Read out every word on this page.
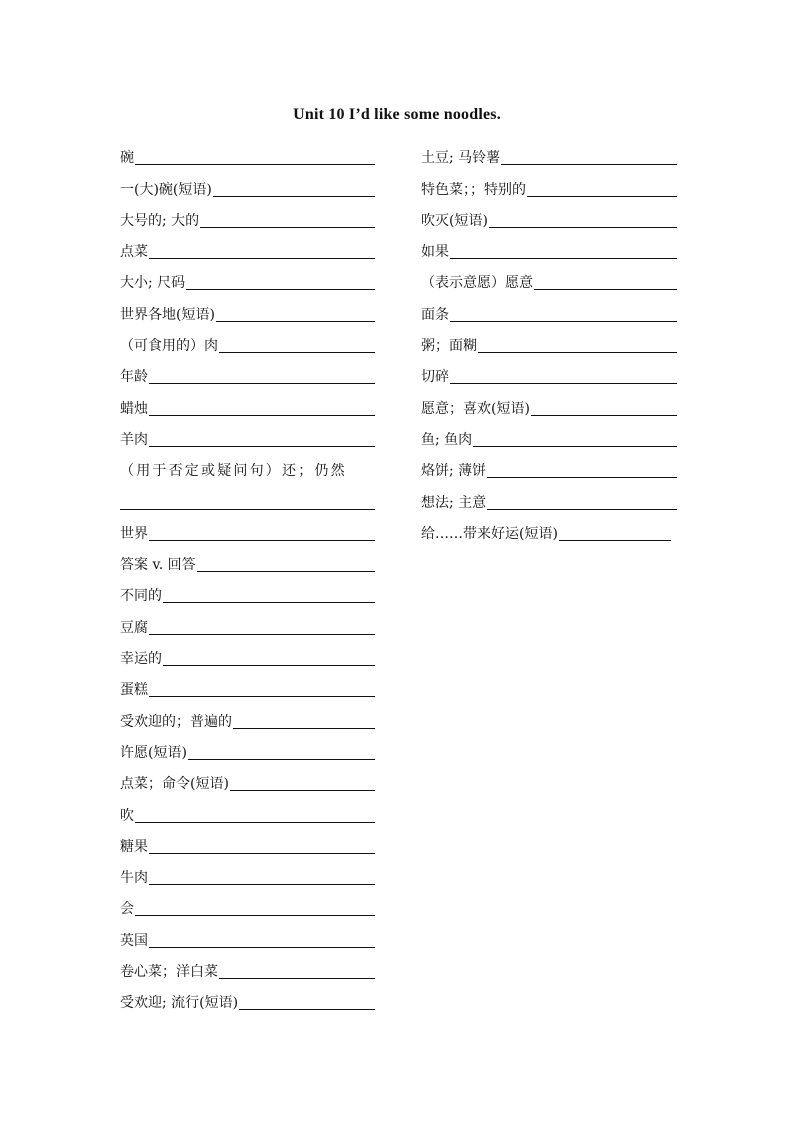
Unit 10 I’d like some noodles.
碗
一(大)碗(短语)
大号的; 大的
点菜
大小; 尺码
世界各地(短语)
（可食用的）肉
年龄
蜡烛
羊肉
（用于否定或疑问句）还；仍然
世界
答案 v. 回答
不同的
豆腐
幸运的
蛋糕
受欢迎的；普遍的
许愿(短语)
点菜；命令(短语)
吹
糖果
牛肉
会
英国
卷心菜；洋白菜
受欢迎; 流行(短语)
土豆; 马铃薯
特色菜；；特别的
吹灭(短语)
如果
（表示意愿）愿意
面条
粥；面糊
切碎
愿意；喜欢(短语)
鱼; 鱼肉
烙饼; 薄饼
想法; 主意
给……带来好运(短语)
